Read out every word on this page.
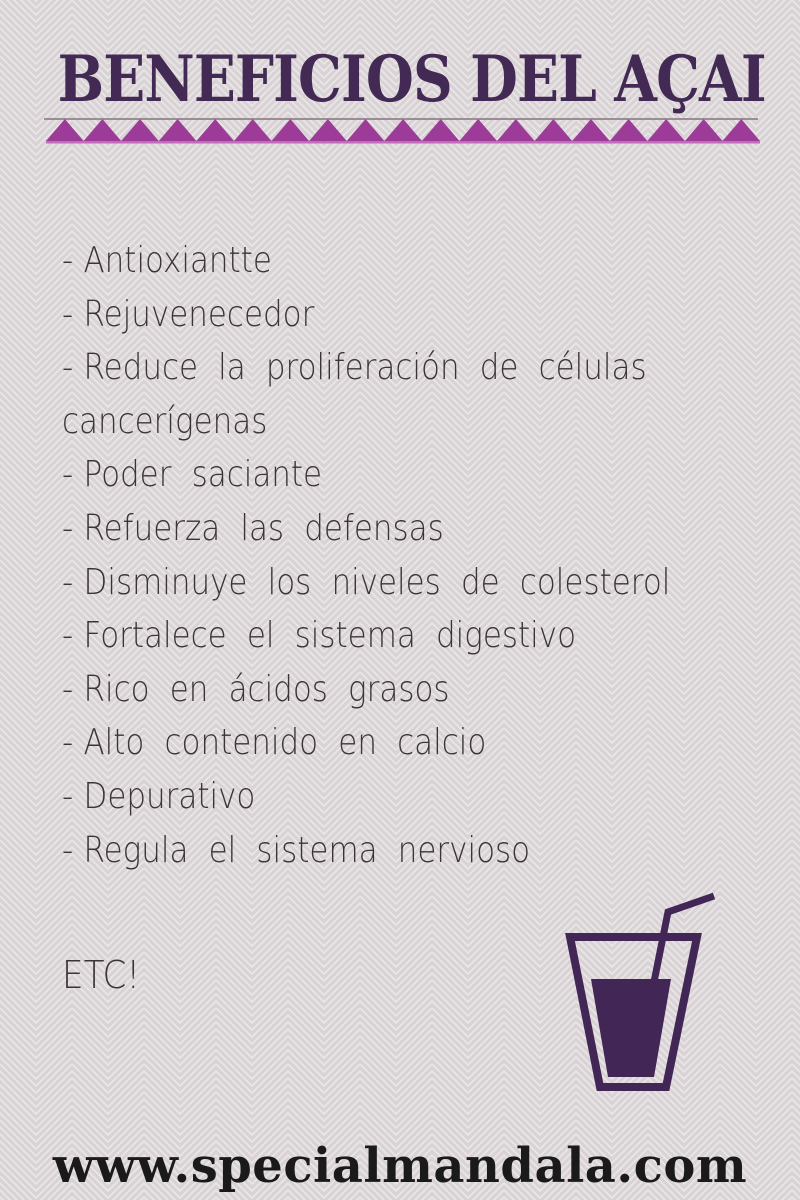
BENEFICIOS DEL AÇAI
- Antioxiantte
- Rejuvenecedor
- Reduce la proliferación de células
cancerígenas
- Poder saciante
- Refuerza las defensas
- Disminuye los niveles de colesterol
- Fortalece el sistema digestivo
- Rico en ácidos grasos
- Alto contenido en calcio
- Depurativo
- Regula el sistema nervioso
ETC!
www.specialmandala.com
